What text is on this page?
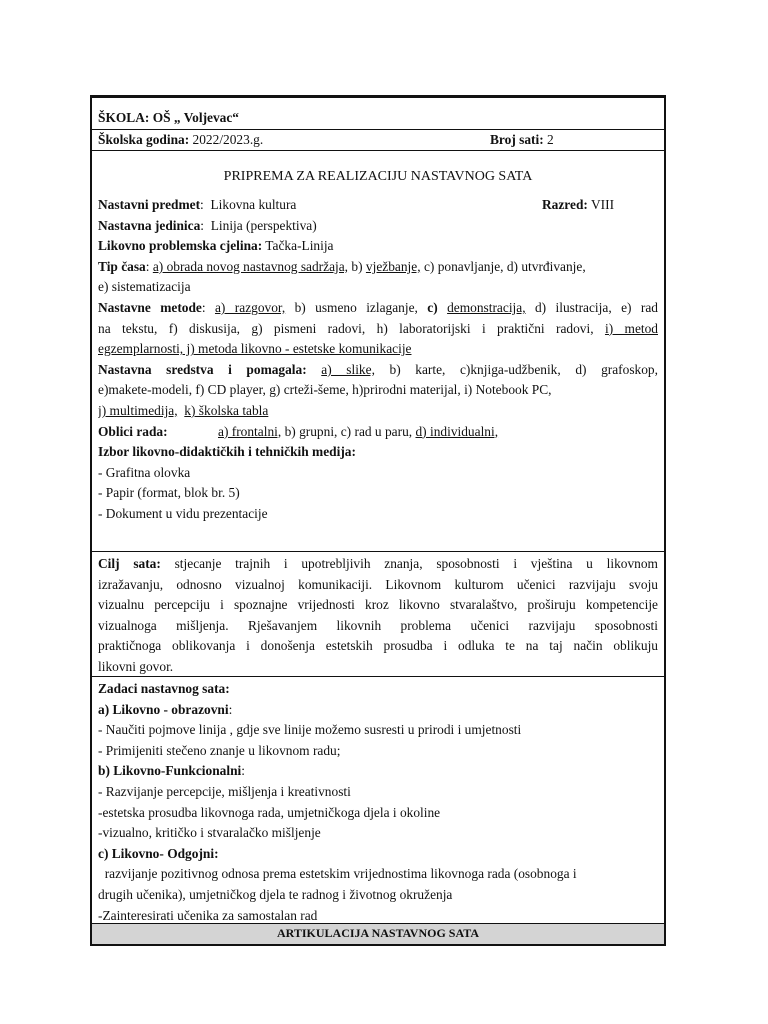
ŠKOLA: OŠ „ Voljevac“
Školska godina: 2022/2023.g.	Broj sati: 2
PRIPREMA ZA REALIZACIJU NASTAVNOG SATA
Nastavni predmet:  Likovna kultura	Razred: VIII
Nastavna jedinica:  Linija (perspektiva)
Likovno problemska cjelina: Tačka-Linija
Tip časa: a) obrada novog nastavnog sadržaja, b) vježbanje, c) ponavljanje, d) utvrđivanje,
e) sistematizacija
Nastavne metode: a) razgovor, b) usmeno izlaganje, c) demonstracija, d) ilustracija, e) rad
na tekstu, f) diskusija, g) pismeni radovi, h) laboratorijski i praktični radovi, i) metod
egzemplarnosti, j) metoda likovno - estetske komunikacije
Nastavna sredstva i pomagala: a) slike, b) karte, c)knjiga-udžbenik, d) grafoskop,
e)makete-modeli, f) CD player, g) crteži-šeme, h)prirodni materijal, i) Notebook PC,
j) multimedija, k) školska tabla
Oblici rada:	a) frontalni, b) grupni, c) rad u paru, d) individualni,
Izbor likovno-didaktičkih i tehničkih medija:
- Grafitna olovka
- Papir (format, blok br. 5)
- Dokument u vidu prezentacije
Cilj sata: stjecanje trajnih i upotrebljivih znanja, sposobnosti i vještina u likovnom
izražavanju, odnosno vizualnoj komunikaciji. Likovnom kulturom učenici razvijaju svoju
vizualnu percepciju i spoznajne vrijednosti kroz likovno stvaralaštvo, proširuju kompetencije
vizualnoga mišljenja. Rješavanjem likovnih problema učenici razvijaju sposobnosti
praktičnoga oblikovanja i donošenja estetskih prosudba i odluka te na taj način oblikuju
likovni govor.
Zadaci nastavnog sata:
a) Likovno - obrazovni:
- Naučiti pojmove linija , gdje sve linije možemo susresti u prirodi i umjetnosti
- Primijeniti stečeno znanje u likovnom radu;
b) Likovno-Funkcionalni:
- Razvijanje percepcije, mišljenja i kreativnosti
-estetska prosudba likovnoga rada, umjetničkoga djela i okoline
-vizualno, kritičko i stvaralačko mišljenje
c) Likovno- Odgojni:
razvijanje pozitivnog odnosa prema estetskim vrijednostima likovnoga rada (osobnoga i
drugih učenika), umjetničkog djela te radnog i životnog okruženja
-Zainteresirati učenika za samostalan rad
ARTIKULACIJA NASTAVNOG SATA
